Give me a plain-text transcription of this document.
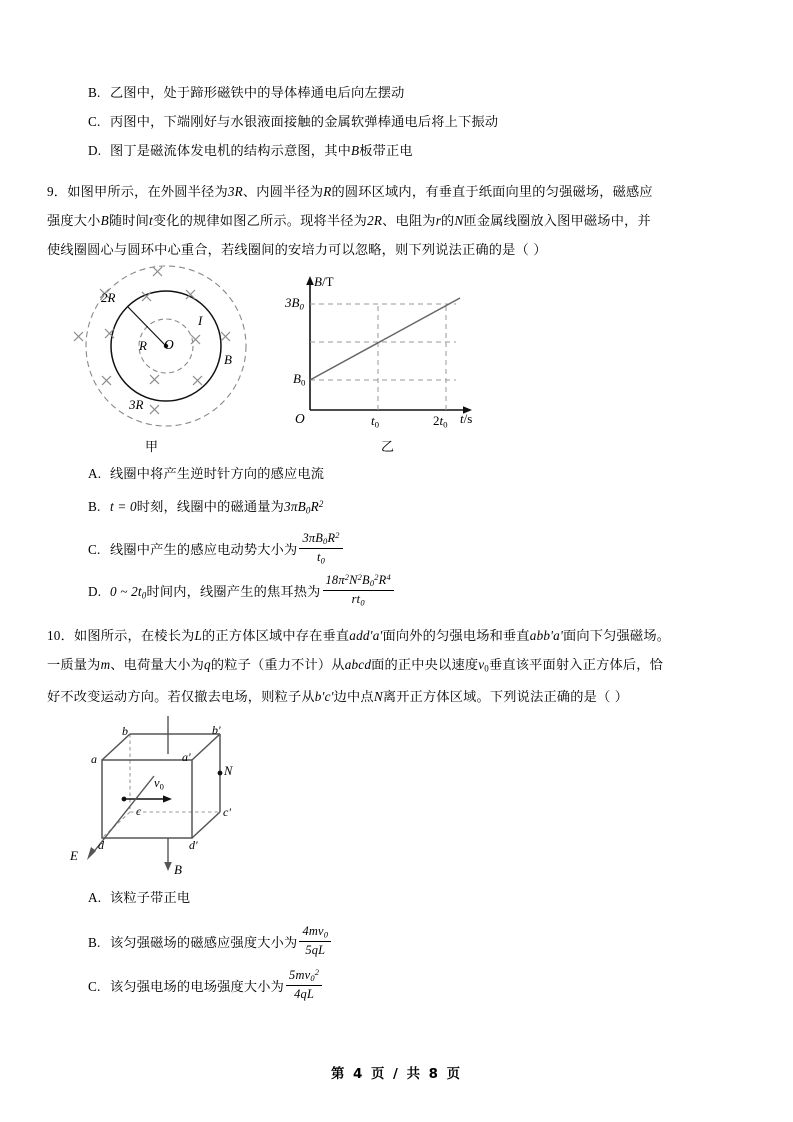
B. 乙图中，处于蹄形磁铁中的导体棒通电后向左摆动
C. 丙图中，下端刚好与水银液面接触的金属软弹棒通电后将上下振动
D. 图丁是磁流体发电机的结构示意图，其中B板带正电
9．如图甲所示，在外圆半径为3R、内圆半径为R的圆环区域内，有垂直于纸面向里的匀强磁场，磁感应
强度大小B随时间t变化的规律如图乙所示。现将半径为2R、电阻为r的N匝金属线圈放入图甲磁场中，并
使线圈圆心与圆环中心重合，若线圈间的安培力可以忽略，则下列说法正确的是（ ）
2R
R O
I
B
3R
甲
B/T
t/s
O
$3B_0$
$B_0$
$t_0$	$2t_0$
乙
A. 线圈中将产生逆时针方向的感应电流
B. t = 0时刻，线圈中的磁通量为$3\pi B_0R^2$
C. 线圈中产生的感应电动势大小为 $\frac{3\pi B_0R^2}{t_0}$
D. 0 ~ $2t_0$时间内，线圈产生的焦耳热为 $\frac{18\pi^2N^2B_0^2R^4}{rt_0}$
10．如图所示，在棱长为L的正方体区域中存在垂直add'a'面向外的匀强电场和垂直abb'a'面向下匀强磁场。
一质量为m、电荷量大小为q的粒子（重力不计）从abcd面的正中央以速度$v_0$垂直该平面射入正方体后，恰
好不改变运动方向。若仅撤去电场，则粒子从b'c'边中点N离开正方体区域。下列说法正确的是（ ）
a
b
c
d
a'
b'
c'
d'
$v_0$
N
E
B
A. 该粒子带正电
B. 该匀强磁场的磁感应强度大小为 $\frac{4mv_0}{5qL}$
C. 该匀强电场的电场强度大小为 $\frac{5mv_0^2}{4qL}$
第 4 页 / 共 8 页
